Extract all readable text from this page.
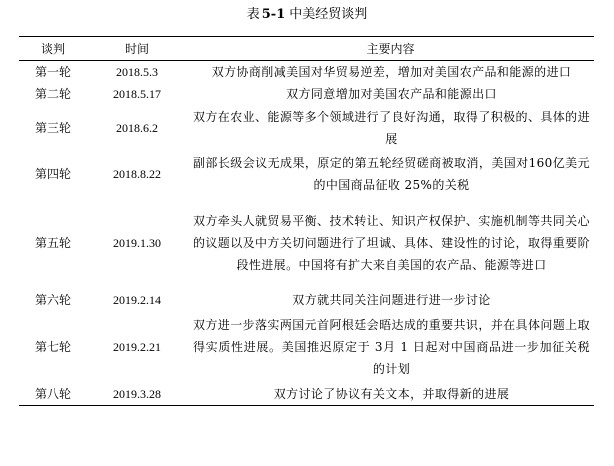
表 5-1 中美经贸谈判
谈判	时间	主要内容
第一轮	2018.5.3	双方协商削减美国对华贸易逆差，增加对美国农产品和能源的进口
第二轮	2018.5.17	双方同意增加对美国农产品和能源出口
第三轮	2018.6.2	双方在农业、能源等多个领域进行了良好沟通，取得了积极的、具体的进展
第四轮	2018.8.22	副部长级会议无成果，原定的第五轮经贸磋商被取消，美国对160亿美元的中国商品征收 25%的关税
第五轮	2019.1.30	双方牵头人就贸易平衡、技术转让、知识产权保护、实施机制等共同关心的议题以及中方关切问题进行了坦诚、具体、建设性的讨论，取得重要阶段性进展。中国将有扩大来自美国的农产品、能源等进口
第六轮	2019.2.14	双方就共同关注问题进行进一步讨论
第七轮	2019.2.21	双方进一步落实两国元首阿根廷会晤达成的重要共识，并在具体问题上取得实质性进展。美国推迟原定于 3月 1 日起对中国商品进一步加征关税的计划
第八轮	2019.3.28	双方讨论了协议有关文本，并取得新的进展
